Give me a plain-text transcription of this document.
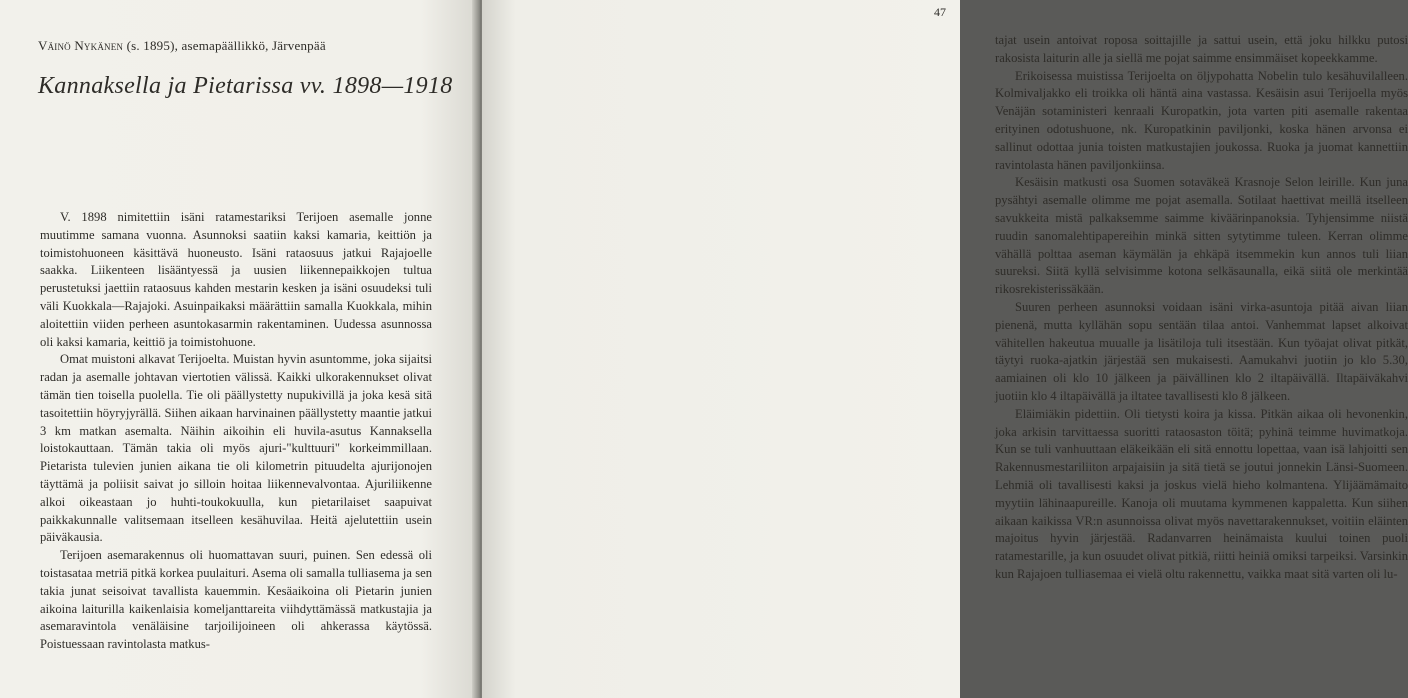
Väinö Nykänen (s. 1895), asemapäällikkö, Järvenpää
Kannaksella ja Pietarissa vv. 1898—1918

V. 1898 nimitettiin isäni ratamestariksi Terijoen asemalle jonne muutimme samana vuonna. Asunnoksi saatiin kaksi kamaria, keittiön ja toimistohuoneen käsittävä huoneusto. Isäni rataosuus jatkui Rajajoelle saakka. Liikenteen lisääntyessä ja uusien liikennepaikkojen tultua perustetuksi jaettiin rataosuus kahden mestarin kesken ja isäni osuudeksi tuli väli Kuokkala—Rajajoki. Asuinpaikaksi määrättiin samalla Kuokkala, mihin aloitettiin viiden perheen asuntokasarmin rakentaminen. Uudessa asunnossa oli kaksi kamaria, keittiö ja toimistohuone.

Omat muistoni alkavat Terijoelta. Muistan hyvin asuntomme, joka sijaitsi radan ja asemalle johtavan viertotien välissä. Kaikki ulkorakennukset olivat tämän tien toisella puolella. Tie oli päällystetty nupukivillä ja joka kesä sitä tasoitettiin höyryjyrällä. Siihen aikaan harvinainen päällystetty maantie jatkui 3 km matkan asemalta. Näihin aikoihin eli huvila-asutus Kannaksella loistokauttaan. Tämän takia oli myös ajuri-"kulttuuri" korkeimmillaan. Pietarista tulevien junien aikana tie oli kilometrin pituudelta ajurijonojen täyttämä ja poliisit saivat jo silloin hoitaa liikennevalvontaa. Ajuriliikenne alkoi oikeastaan jo huhti-toukokuulla, kun pietarilaiset saapuivat paikkakunnalle valitsemaan itselleen kesähuvilaa. Heitä ajelutettiin usein päiväkausia.

Terijoen asemarakennus oli huomattavan suuri, puinen. Sen edessä oli toistasataa metriä pitkä korkea puulaituri. Asema oli samalla tulliasema ja sen takia junat seisoivat tavallista kauemmin. Kesäaikoina oli Pietarin junien aikoina laiturilla kaikenlaisia komeljanttareita viihdyttämässä matkustajia ja asemaravintola venäläisine tarjoilijoineen oli ahkerassa käytössä. Poistuessaan ravintolasta matkus-

47

tajat usein antoivat roposa soittajille ja sattui usein, että joku hilkku putosi rakosista laiturin alle ja siellä me pojat saimme ensimmäiset kopeekkamme.

Erikoisessa muistissa Terijoelta on öljypohatta Nobelin tulo kesähuvilalleen. Kolmivaljakko eli troikka oli häntä aina vastassa. Kesäisin asui Terijoella myös Venäjän sotaministeri kenraali Kuropatkin, jota varten piti asemalle rakentaa erityinen odotushuone, nk. Kuropatkinin paviljonki, koska hänen arvonsa ei sallinut odottaa junia toisten matkustajien joukossa. Ruoka ja juomat kannettiin ravintolasta hänen paviljonkiinsa.

Kesäisin matkusti osa Suomen sotaväkeä Krasnoje Selon leirille. Kun juna pysähtyi asemalle olimme me pojat asemalla. Sotilaat haettivat meillä itselleen savukkeita mistä palkaksemme saimme kiväärinpanoksia. Tyhjensimme niistä ruudin sanomalehtipapereihin minkä sitten sytytimme tuleen. Kerran olimme vähällä polttaa aseman käymälän ja ehkäpä itsemmekin kun annos tuli liian suureksi. Siitä kyllä selvisimme kotona selkäsaunalla, eikä siitä ole merkintää rikosrekisterissäkään.

Suuren perheen asunnoksi voidaan isäni virka-asuntoja pitää aivan liian pienenä, mutta kyllähän sopu sentään tilaa antoi. Vanhemmat lapset alkoivat vähitellen hakeutua muualle ja lisätiloja tuli itsestään. Kun työajat olivat pitkät, täytyi ruoka-ajatkin järjestää sen mukaisesti. Aamukahvi juotiin jo klo 5.30, aamiainen oli klo 10 jälkeen ja päivällinen klo 2 iltapäivällä. Iltapäiväkahvi juotiin klo 4 iltapäivällä ja iltatee tavallisesti klo 8 jälkeen.

Eläimiäkin pidettiin. Oli tietysti koira ja kissa. Pitkän aikaa oli hevonenkin, joka arkisin tarvittaessa suoritti rataosaston töitä; pyhinä teimme huvimatkoja. Kun se tuli vanhuuttaan eläkeikään eli sitä ennottu lopettaa, vaan isä lahjoitti sen Rakennusmestariliiton arpajaisiin ja sitä tietä se joutui jonnekin Länsi-Suomeen. Lehmiä oli tavallisesti kaksi ja joskus vielä hieho kolmantena. Ylijäämämaito myytiin lähinaapureille. Kanoja oli muutama kymmenen kappaletta. Kun siihen aikaan kaikissa VR:n asunnoissa olivat myös navettarakennukset, voitiin eläinten majoitus hyvin järjestää. Radanvarren heinämaista kuului toinen puoli ratamestarille, ja kun osuudet olivat pitkiä, riitti heiniä omiksi tarpeiksi. Varsinkin kun Rajajoen tulliasemaa ei vielä oltu rakennettu, vaikka maat sitä varten oli lu-
